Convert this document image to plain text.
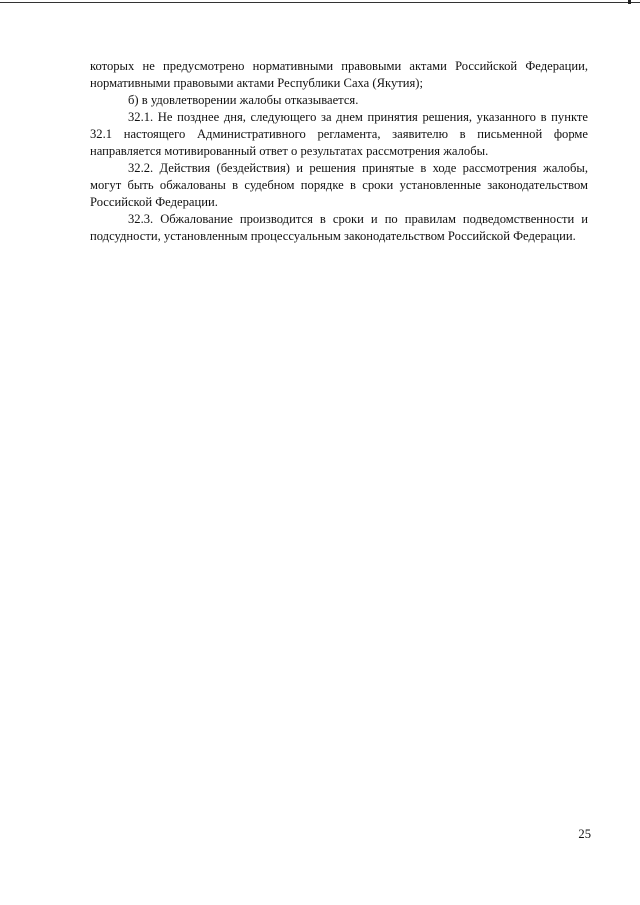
которых не предусмотрено нормативными правовыми актами Российской Федерации, нормативными правовыми актами Республики Саха (Якутия);

б) в удовлетворении жалобы отказывается.

32.1. Не позднее дня, следующего за днем принятия решения, указанного в пункте 32.1 настоящего Административного регламента, заявителю в письменной форме направляется мотивированный ответ о результатах рассмотрения жалобы.

32.2. Действия (бездействия) и решения принятые в ходе рассмотрения жалобы, могут быть обжалованы в судебном порядке в сроки установленные законодательством Российской Федерации.

32.3. Обжалование производится в сроки и по правилам подведомственности и подсудности, установленным процессуальным законодательством Российской Федерации.

25
